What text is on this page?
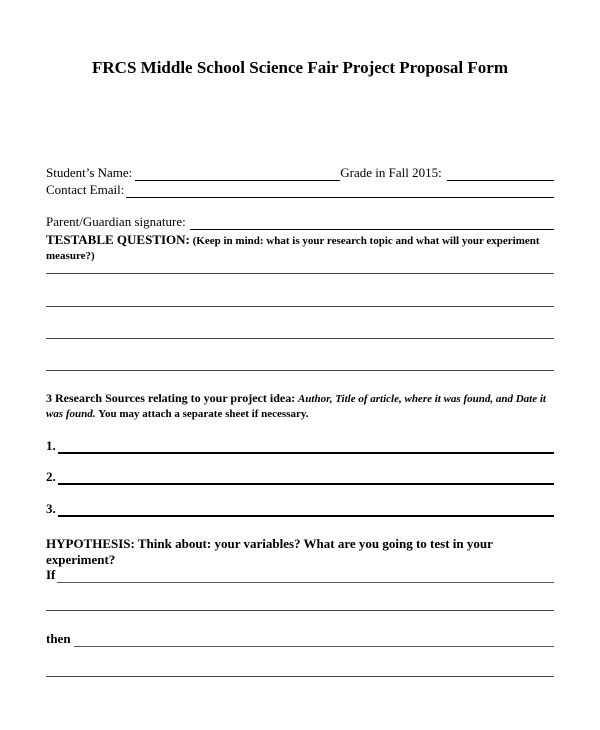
FRCS Middle School Science Fair Project Proposal Form
Student’s Name:	Grade in Fall 2015:
Contact Email:
Parent/Guardian signature:
TESTABLE QUESTION: (Keep in mind: what is your research topic and what will your experiment measure?)
3 Research Sources relating to your project idea: Author, Title of article, where it was found, and Date it was found. You may attach a separate sheet if necessary.
1.
2.
3.
HYPOTHESIS: Think about: your variables? What are you going to test in your experiment?
If
then
